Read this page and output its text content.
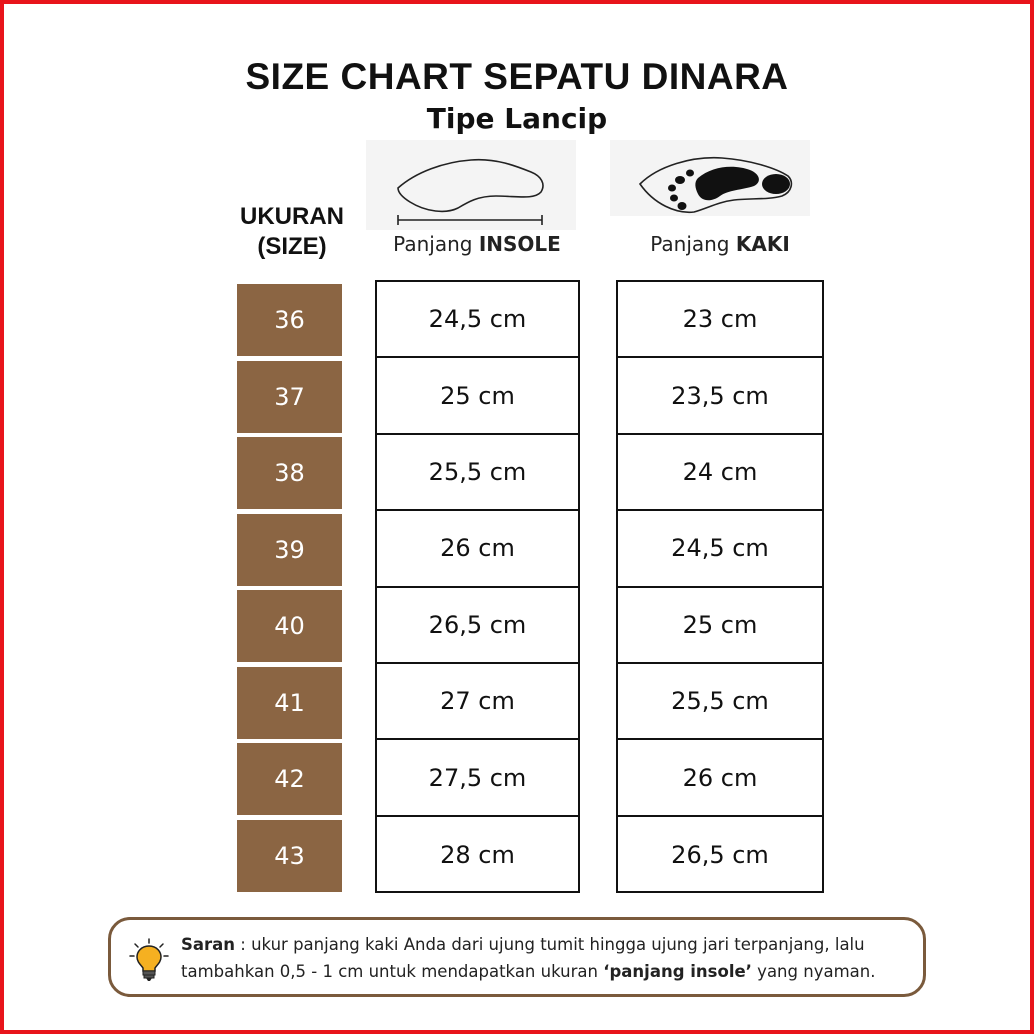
SIZE CHART SEPATU DINARA
Tipe Lancip
UKURAN
(SIZE)	Panjang INSOLE	Panjang KAKI
36
37
38
39
40
41
42
43
24,5 cm
25 cm
25,5 cm
26 cm
26,5 cm
27 cm
27,5 cm
28 cm
23 cm
23,5 cm
24 cm
24,5 cm
25 cm
25,5 cm
26 cm
26,5 cm
Saran : ukur panjang kaki Anda dari ujung tumit hingga ujung jari terpanjang, lalu
tambahkan 0,5 - 1 cm untuk mendapatkan ukuran ‘panjang insole’ yang nyaman.
